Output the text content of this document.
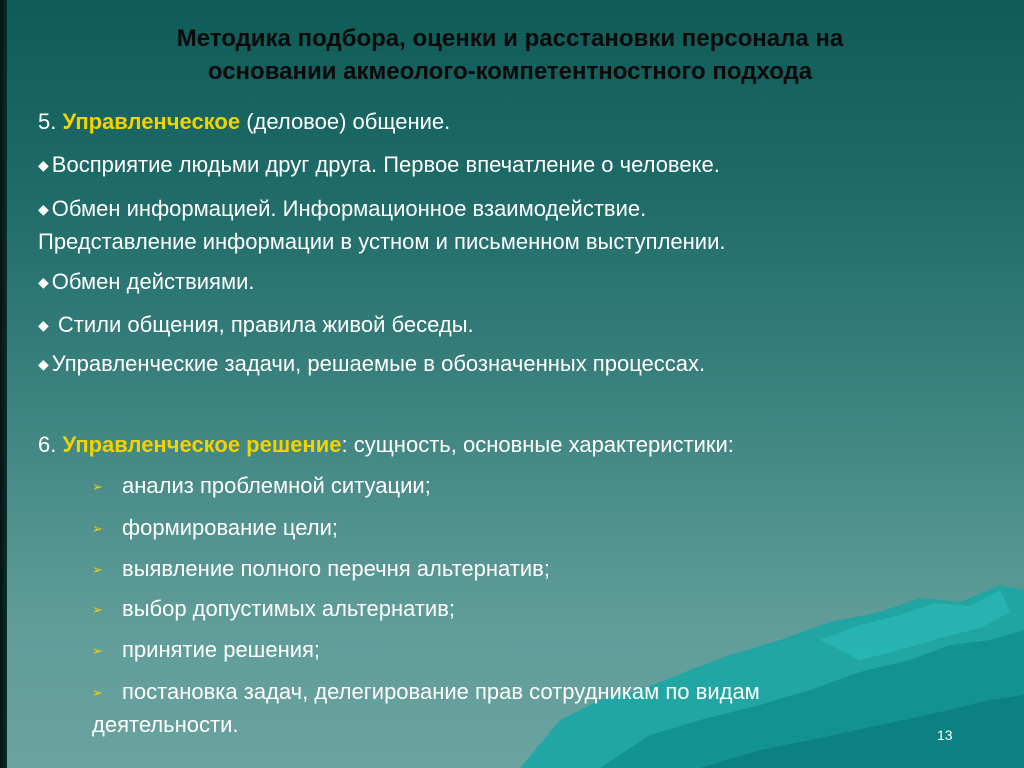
Методика подбора, оценки и расстановки персонала на
основании акмеолого-компетентностного подхода
5. Управленческое (деловое) общение.
◆ Восприятие людьми друг друга. Первое впечатление о человеке.
◆ Обмен информацией. Информационное взаимодействие.
Представление информации в устном и письменном выступлении.
◆ Обмен действиями.
◆ Стили общения, правила живой беседы.
◆ Управленческие задачи, решаемые в обозначенных процессах.
6. Управленческое решение: сущность, основные характеристики:
➢ анализ проблемной ситуации;
➢ формирование цели;
➢ выявление полного перечня альтернатив;
➢ выбор допустимых альтернатив;
➢ принятие решения;
➢ постановка задач, делегирование прав сотрудникам по видам
деятельности.	13
